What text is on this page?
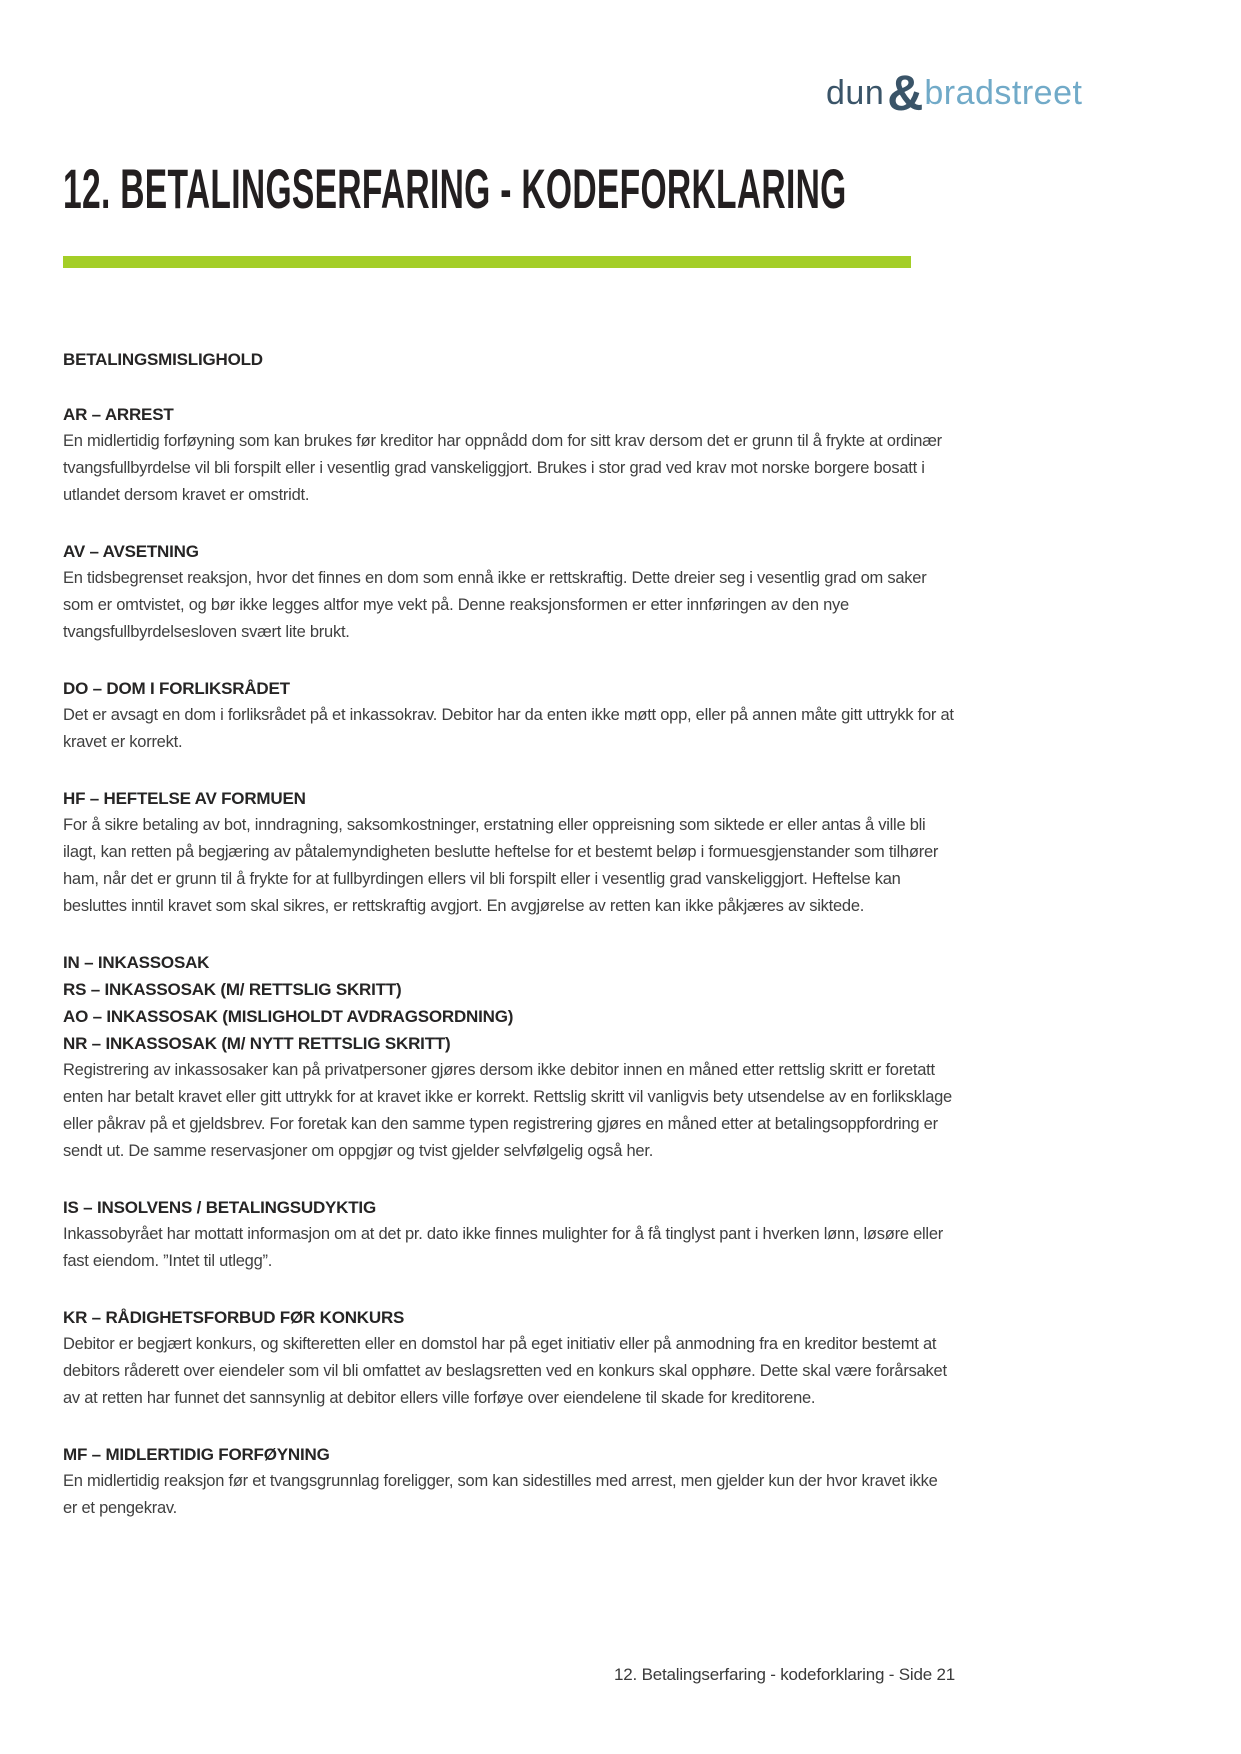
dun&bradstreet
12. BETALINGSERFARING - KODEFORKLARING
BETALINGSMISLIGHOLD
AR – ARREST

En midlertidig forføyning som kan brukes før kreditor har oppnådd dom for sitt krav dersom det er grunn til å frykte at ordinær tvangsfullbyrdelse vil bli forspilt eller i vesentlig grad vanskeliggjort. Brukes i stor grad ved krav mot norske borgere bosatt i utlandet dersom kravet er omstridt.

AV – AVSETNING

En tidsbegrenset reaksjon, hvor det finnes en dom som ennå ikke er rettskraftig. Dette dreier seg i vesentlig grad om saker som er omtvistet, og bør ikke legges altfor mye vekt på. Denne reaksjonsformen er etter innføringen av den nye tvangsfullbyrdelsesloven svært lite brukt.

DO – DOM I FORLIKSRÅDET

Det er avsagt en dom i forliksrådet på et inkassokrav. Debitor har da enten ikke møtt opp, eller på annen måte gitt uttrykk for at kravet er korrekt.

HF – HEFTELSE AV FORMUEN

For å sikre betaling av bot, inndragning, saksomkostninger, erstatning eller oppreisning som siktede er eller antas å ville bli ilagt, kan retten på begjæring av påtalemyndigheten beslutte heftelse for et bestemt beløp i formuesgjenstander som tilhører ham, når det er grunn til å frykte for at fullbyrdingen ellers vil bli forspilt eller i vesentlig grad vanskeliggjort. Heftelse kan besluttes inntil kravet som skal sikres, er rettskraftig avgjort. En avgjørelse av retten kan ikke påkjæres av siktede.

IN – INKASSOSAK
RS – INKASSOSAK (M/ RETTSLIG SKRITT)
AO – INKASSOSAK (MISLIGHOLDT AVDRAGSORDNING)
NR – INKASSOSAK (M/ NYTT RETTSLIG SKRITT)

Registrering av inkassosaker kan på privatpersoner gjøres dersom ikke debitor innen en måned etter rettslig skritt er foretatt enten har betalt kravet eller gitt uttrykk for at kravet ikke er korrekt. Rettslig skritt vil vanligvis bety utsendelse av en forliksklage eller påkrav på et gjeldsbrev. For foretak kan den samme typen registrering gjøres en måned etter at betalingsoppfordring er sendt ut. De samme reservasjoner om oppgjør og tvist gjelder selvfølgelig også her.

IS – INSOLVENS / BETALINGSUDYKTIG

Inkassobyrået har mottatt informasjon om at det pr. dato ikke finnes mulighter for å få tinglyst pant i hverken lønn, løsøre eller fast eiendom. ”Intet til utlegg”.

KR – RÅDIGHETSFORBUD FØR KONKURS

Debitor er begjært konkurs, og skifteretten eller en domstol har på eget initiativ eller på anmodning fra en kreditor bestemt at debitors råderett over eiendeler som vil bli omfattet av beslagsretten ved en konkurs skal opphøre. Dette skal være forårsaket av at retten har funnet det sannsynlig at debitor ellers ville forføye over eiendelene til skade for kreditorene.

MF – MIDLERTIDIG FORFØYNING

En midlertidig reaksjon før et tvangsgrunnlag foreligger, som kan sidestilles med arrest, men gjelder kun der hvor kravet ikke er et pengekrav.

12. Betalingserfaring - kodeforklaring - Side 21
